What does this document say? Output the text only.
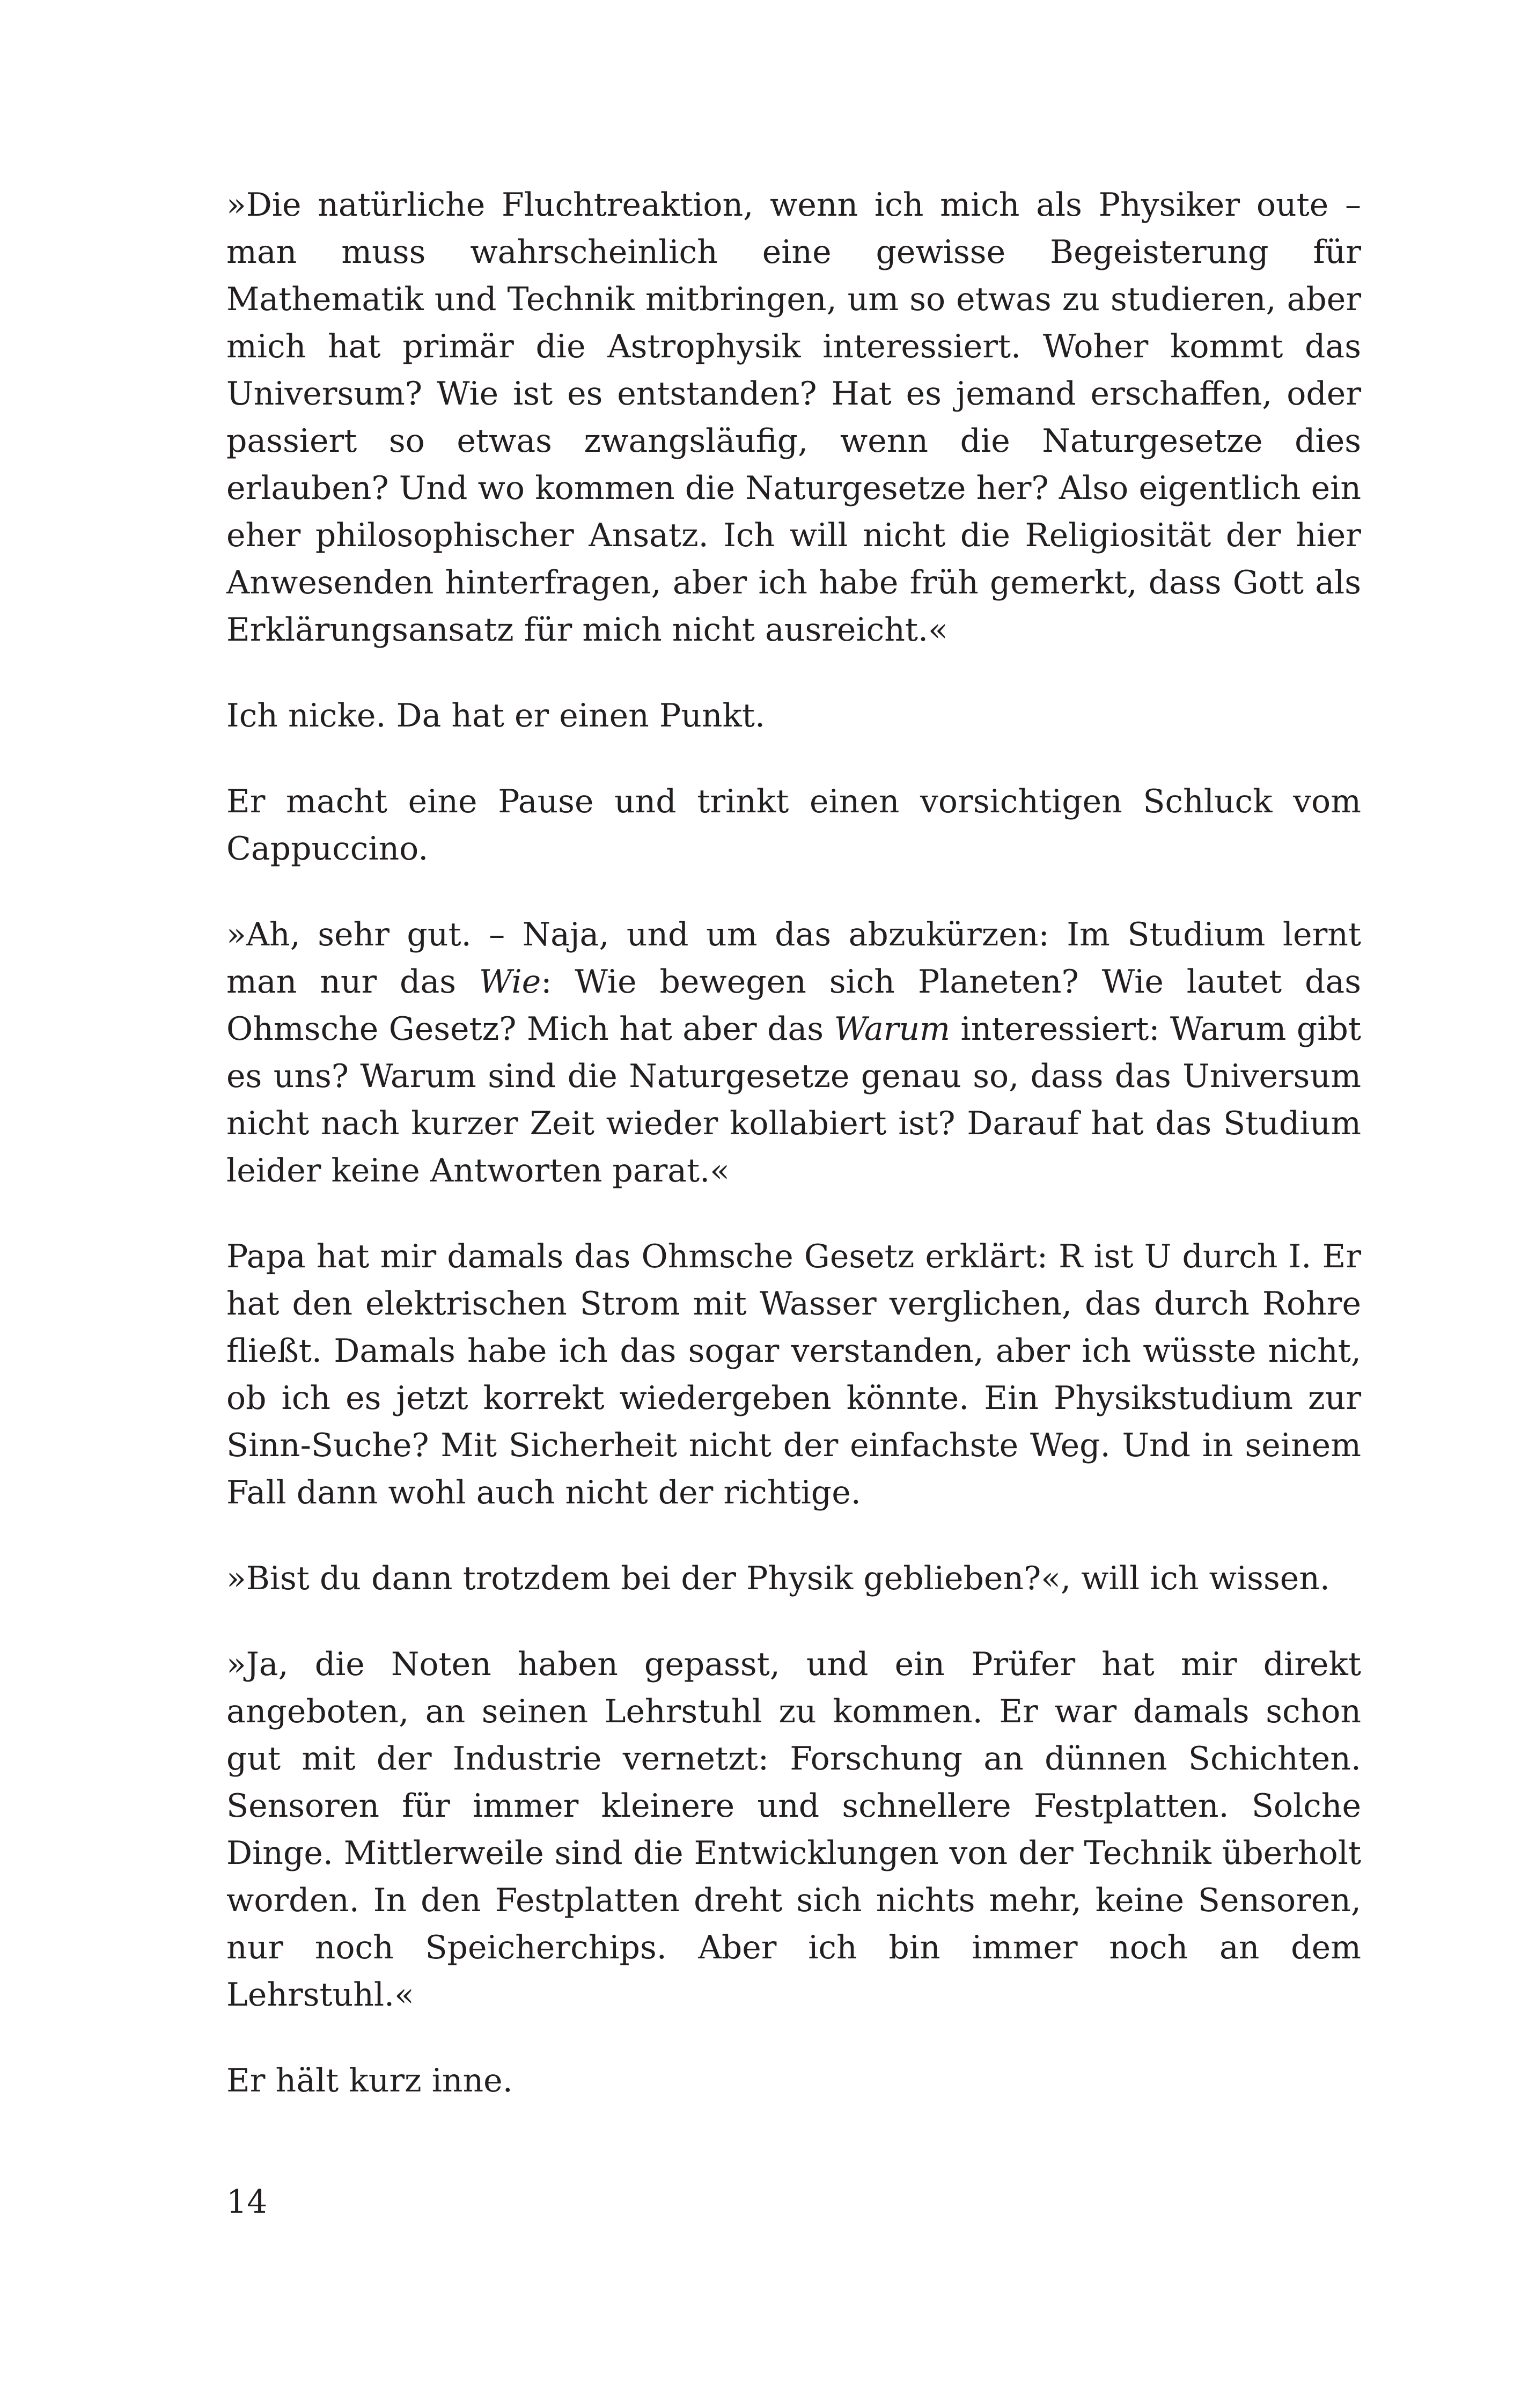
»Die natürliche Fluchtreaktion, wenn ich mich als Physiker oute – man muss wahrscheinlich eine gewisse Begeisterung für Mathematik und Technik mitbringen, um so etwas zu studieren, aber mich hat primär die Astrophysik interessiert. Woher kommt das Universum? Wie ist es entstanden? Hat es jemand erschaffen, oder passiert so etwas zwangsläufig, wenn die Naturgesetze dies erlauben? Und wo kommen die Naturgesetze her? Also eigentlich ein eher philosophischer Ansatz. Ich will nicht die Religiosität der hier Anwesenden hinterfragen, aber ich habe früh gemerkt, dass Gott als Erklärungsansatz für mich nicht ausreicht.«

Ich nicke. Da hat er einen Punkt.

Er macht eine Pause und trinkt einen vorsichtigen Schluck vom Cappuccino.

»Ah, sehr gut. – Naja, und um das abzukürzen: Im Studium lernt man nur das Wie: Wie bewegen sich Planeten? Wie lautet das Ohmsche Gesetz? Mich hat aber das Warum interessiert: Warum gibt es uns? Warum sind die Naturgesetze genau so, dass das Universum nicht nach kurzer Zeit wieder kollabiert ist? Darauf hat das Studium leider keine Antworten parat.«

Papa hat mir damals das Ohmsche Gesetz erklärt: R ist U durch I. Er hat den elektrischen Strom mit Wasser verglichen, das durch Rohre fließt. Damals habe ich das sogar verstanden, aber ich wüsste nicht, ob ich es jetzt korrekt wiedergeben könnte. Ein Physikstudium zur Sinn-Suche? Mit Sicherheit nicht der einfachste Weg. Und in seinem Fall dann wohl auch nicht der richtige.

»Bist du dann trotzdem bei der Physik geblieben?«, will ich wissen.

»Ja, die Noten haben gepasst, und ein Prüfer hat mir direkt angeboten, an seinen Lehrstuhl zu kommen. Er war damals schon gut mit der Industrie vernetzt: Forschung an dünnen Schichten. Sensoren für immer kleinere und schnellere Festplatten. Solche Dinge. Mittlerweile sind die Entwicklungen von der Technik überholt worden. In den Festplatten dreht sich nichts mehr, keine Sensoren, nur noch Speicherchips. Aber ich bin immer noch an dem Lehrstuhl.«

Er hält kurz inne.

14
